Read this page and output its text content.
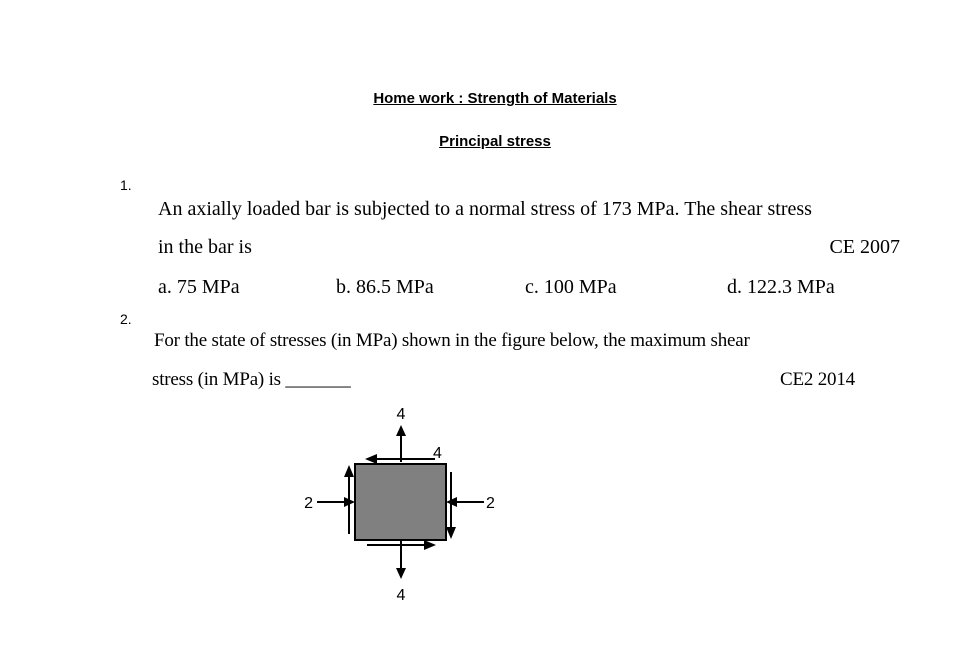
Home work : Strength of Materials
Principal stress
1.
An axially loaded bar is subjected to a normal stress of 173 MPa. The shear stress
in the bar is	CE 2007
a. 75 MPa	b. 86.5 MPa	c. 100 MPa	d. 122.3 MPa
2.
For the state of stresses (in MPa) shown in the figure below, the maximum shear
stress (in MPa) is _______	CE2 2014
4
4
2	2
4
